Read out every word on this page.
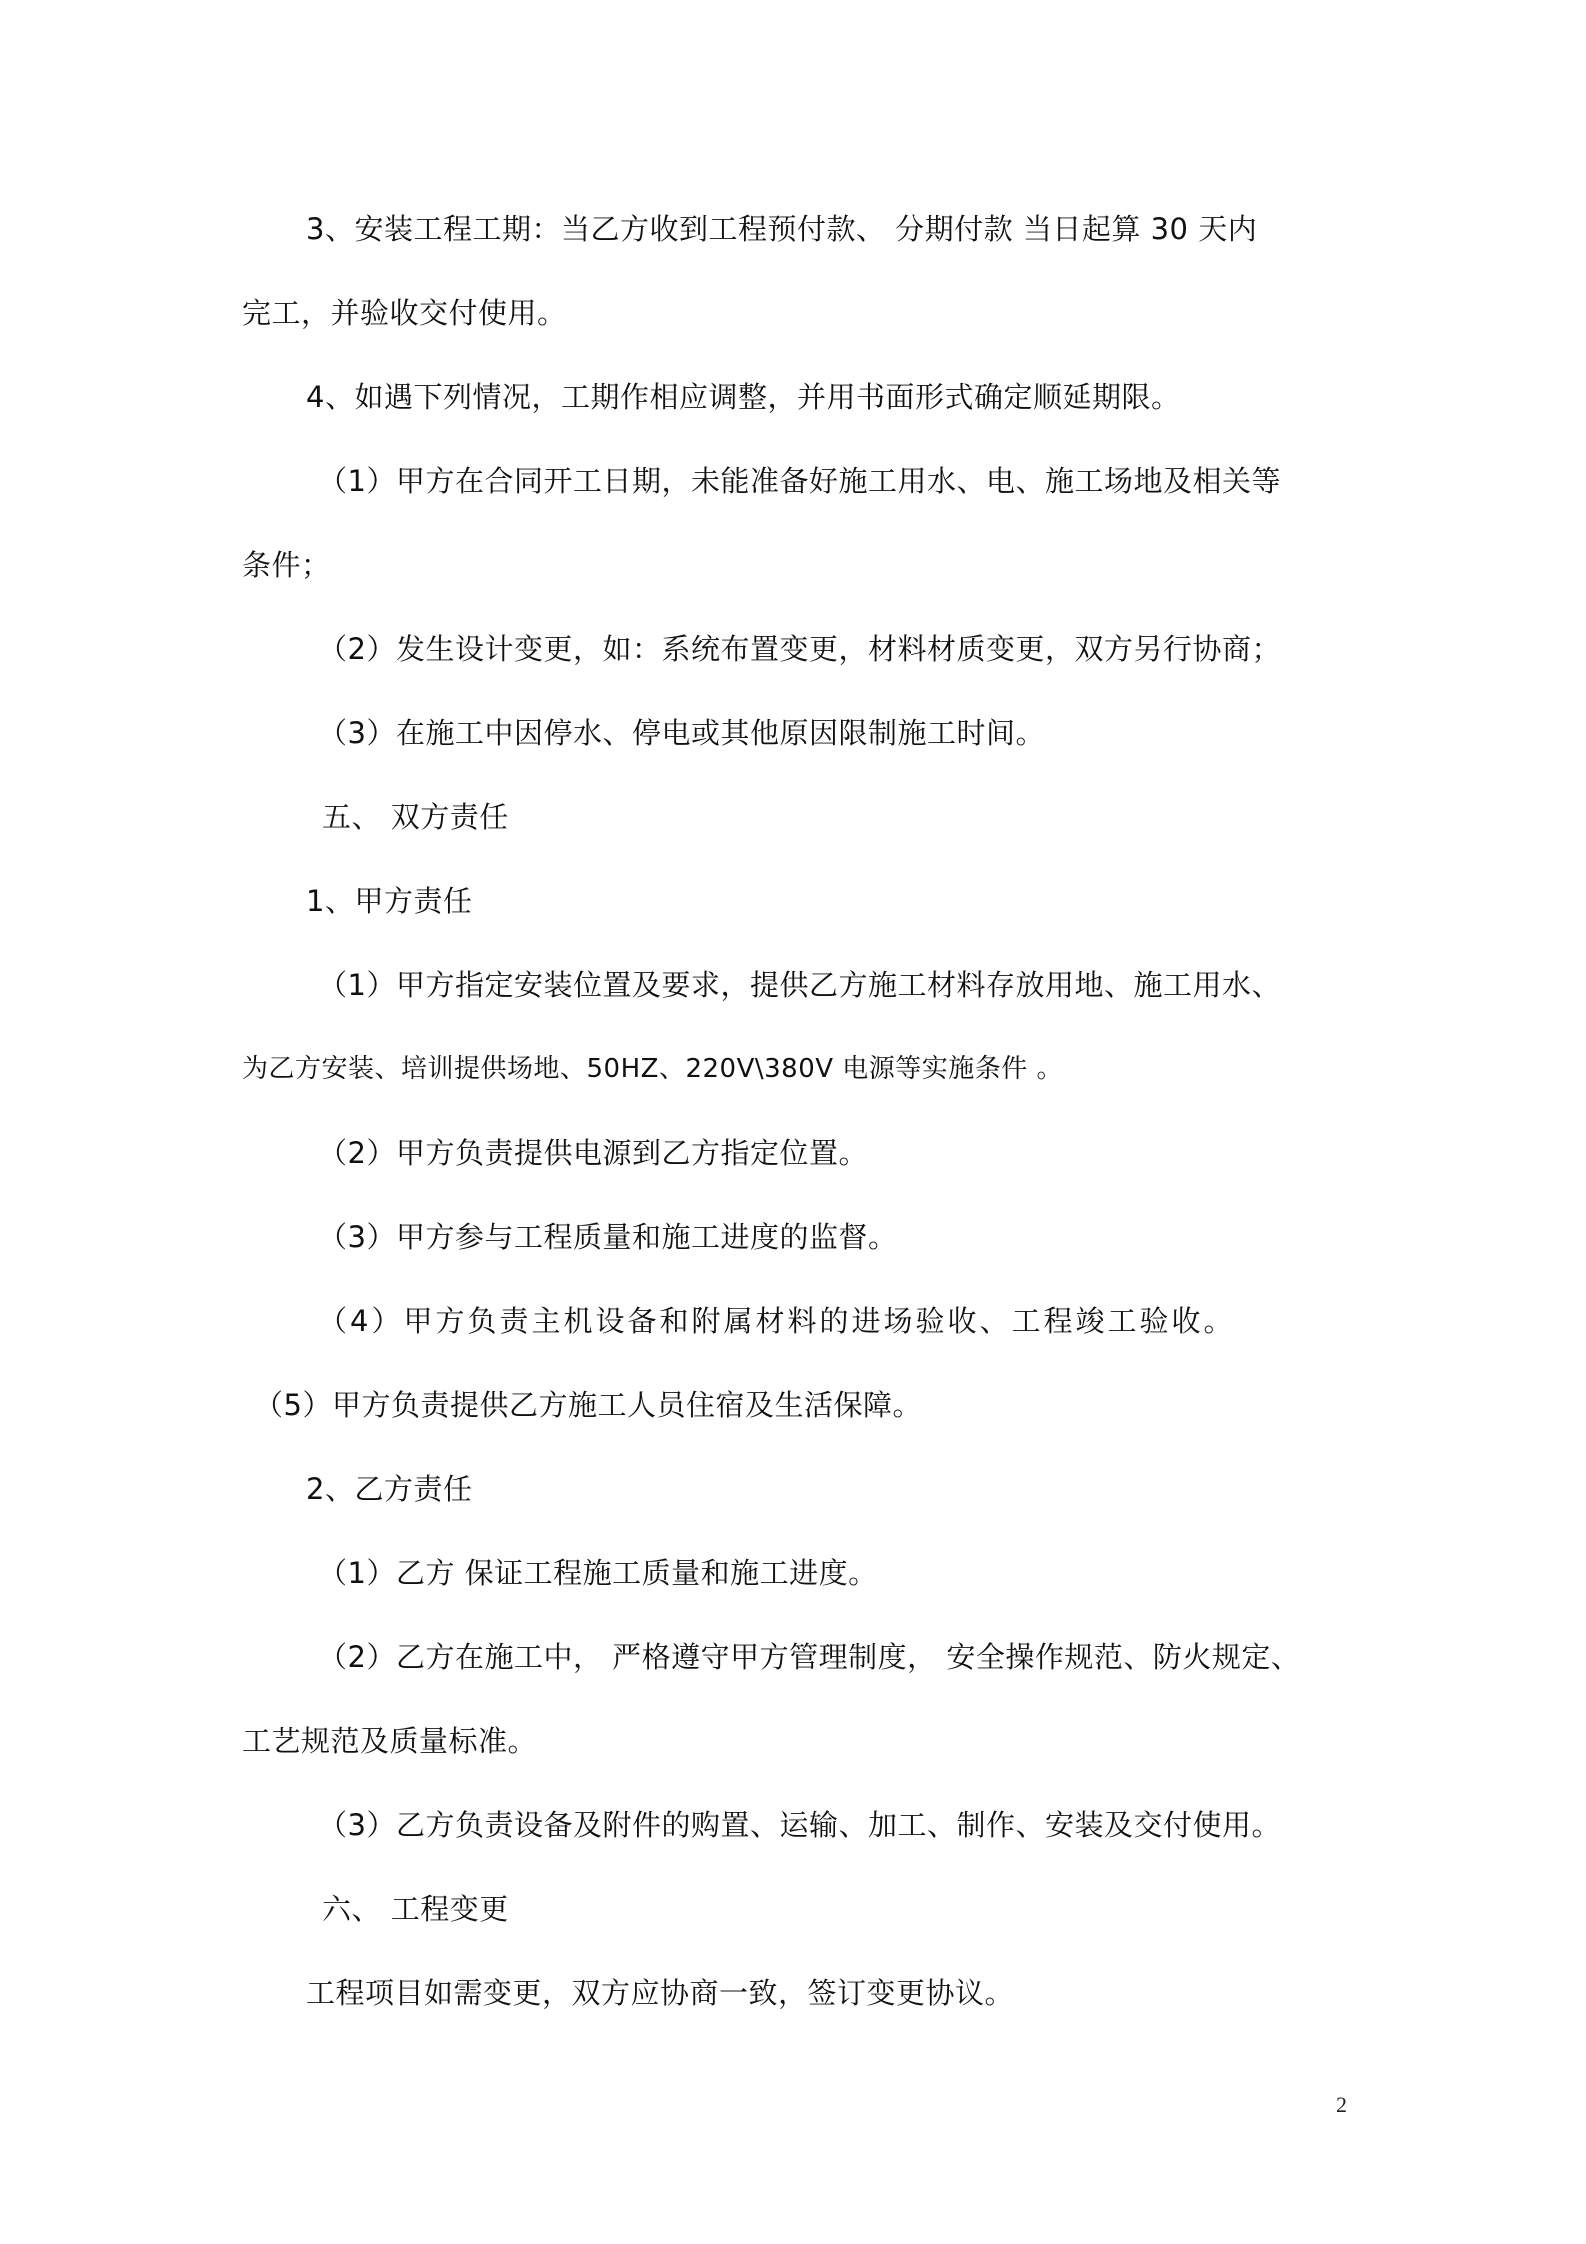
3、安装工程工期：当乙方收到工程预付款、 分期付款 当日起算 30 天内
完工，并验收交付使用。
4、如遇下列情况，工期作相应调整，并用书面形式确定顺延期限。
（1）甲方在合同开工日期，未能准备好施工用水、电、施工场地及相关等
条件；
（2）发生设计变更，如：系统布置变更，材料材质变更，双方另行协商；
（3）在施工中因停水、停电或其他原因限制施工时间。
五、 双方责任
1、甲方责任
（1）甲方指定安装位置及要求，提供乙方施工材料存放用地、施工用水、
为乙方安装、培训提供场地、50HZ、220V\380V 电源等实施条件 。
（2）甲方负责提供电源到乙方指定位置。
（3）甲方参与工程质量和施工进度的监督。
（4）甲方负责主机设备和附属材料的进场验收、工程竣工验收。
（5）甲方负责提供乙方施工人员住宿及生活保障。
2、乙方责任
（1）乙方 保证工程施工质量和施工进度。
（2）乙方在施工中， 严格遵守甲方管理制度， 安全操作规范、防火规定、
工艺规范及质量标准。
（3）乙方负责设备及附件的购置、运输、加工、制作、安装及交付使用。
六、 工程变更
工程项目如需变更，双方应协商一致，签订变更协议。
2
